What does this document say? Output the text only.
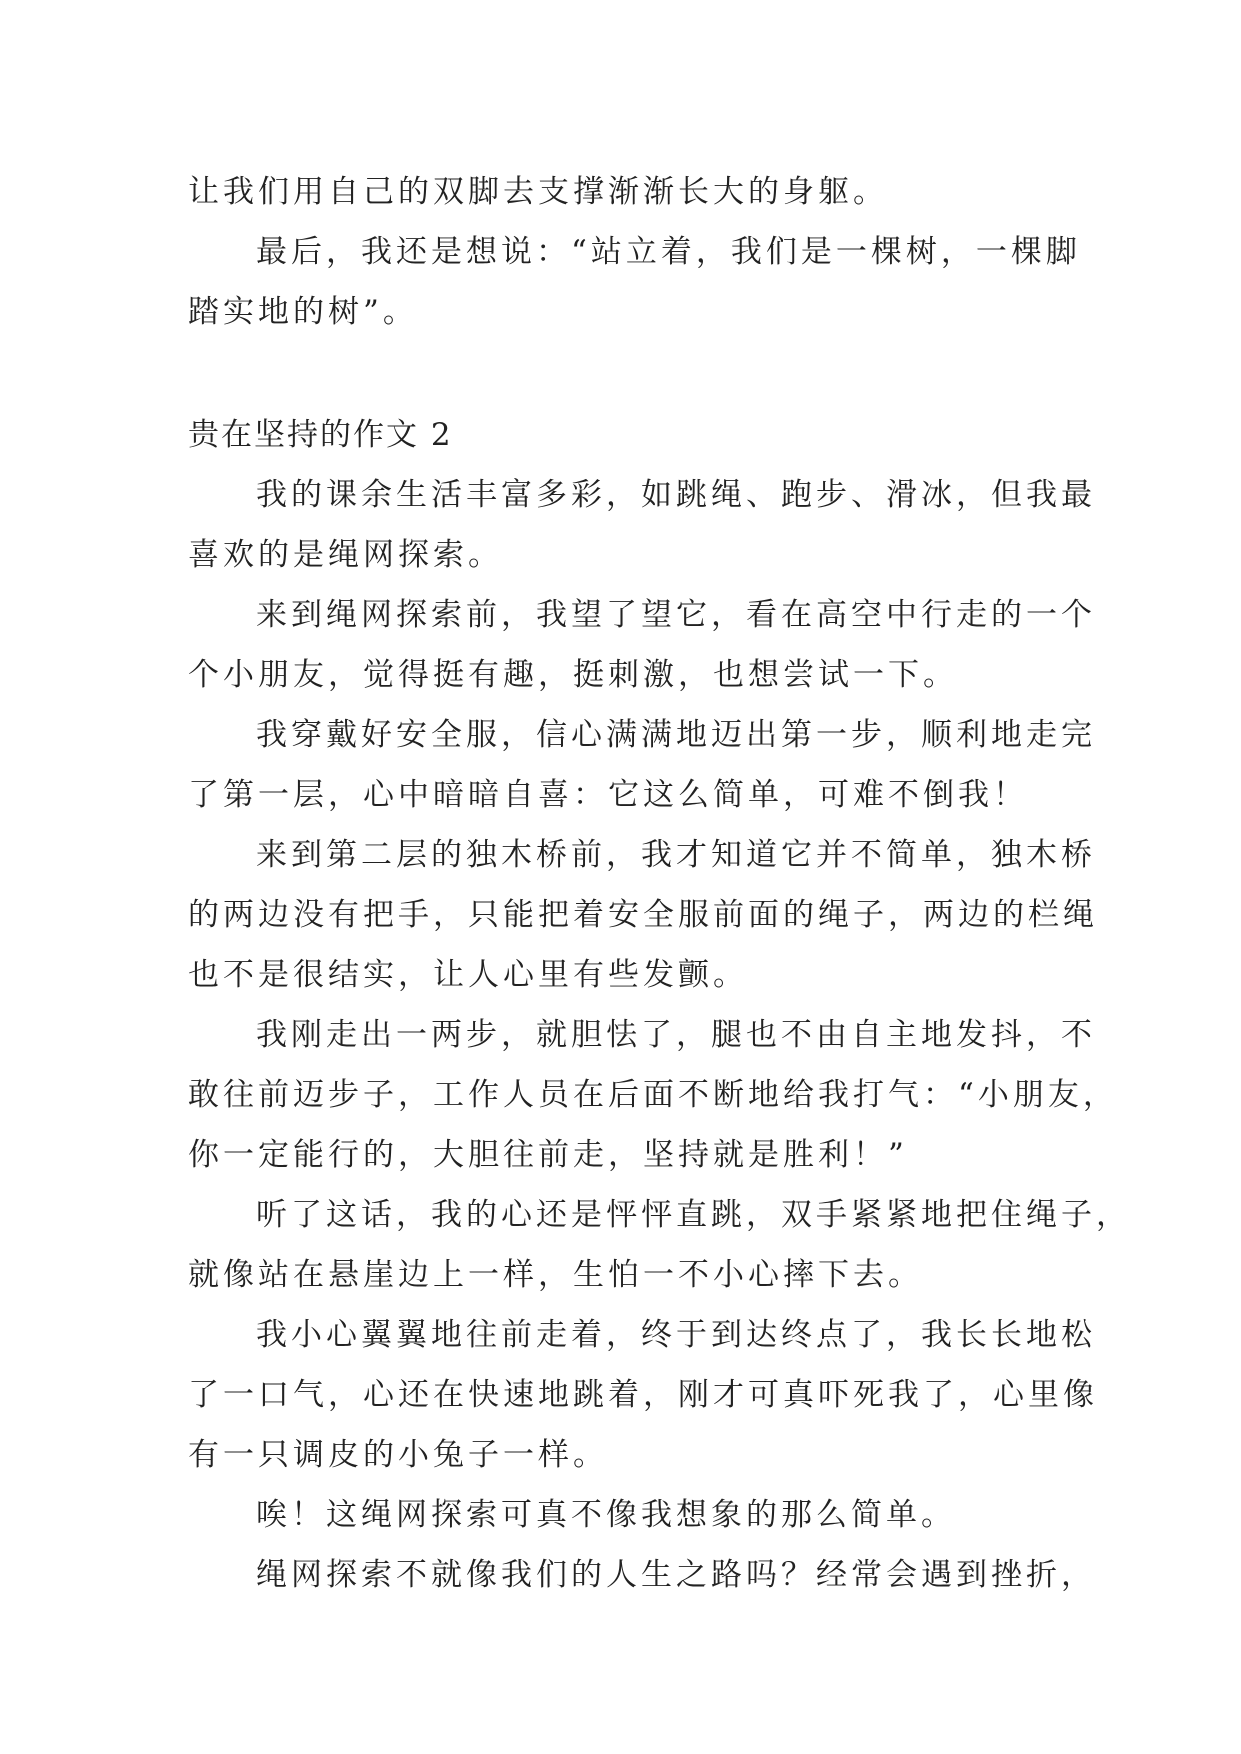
让我们用自己的双脚去支撑渐渐长大的身躯。
最后，我还是想说：“站立着，我们是一棵树，一棵脚
踏实地的树”。
贵在坚持的作文 2
我的课余生活丰富多彩，如跳绳、跑步、滑冰，但我最
喜欢的是绳网探索。
来到绳网探索前，我望了望它，看在高空中行走的一个
个小朋友，觉得挺有趣，挺刺激，也想尝试一下。
我穿戴好安全服，信心满满地迈出第一步，顺利地走完
了第一层，心中暗暗自喜：它这么简单，可难不倒我！
来到第二层的独木桥前，我才知道它并不简单，独木桥
的两边没有把手，只能把着安全服前面的绳子，两边的栏绳
也不是很结实，让人心里有些发颤。
我刚走出一两步，就胆怯了，腿也不由自主地发抖，不
敢往前迈步子，工作人员在后面不断地给我打气：“小朋友，
你一定能行的，大胆往前走，坚持就是胜利！”
听了这话，我的心还是怦怦直跳，双手紧紧地把住绳子，
就像站在悬崖边上一样，生怕一不小心摔下去。
我小心翼翼地往前走着，终于到达终点了，我长长地松
了一口气，心还在快速地跳着，刚才可真吓死我了，心里像
有一只调皮的小兔子一样。
唉！这绳网探索可真不像我想象的那么简单。
绳网探索不就像我们的人生之路吗？经常会遇到挫折，
